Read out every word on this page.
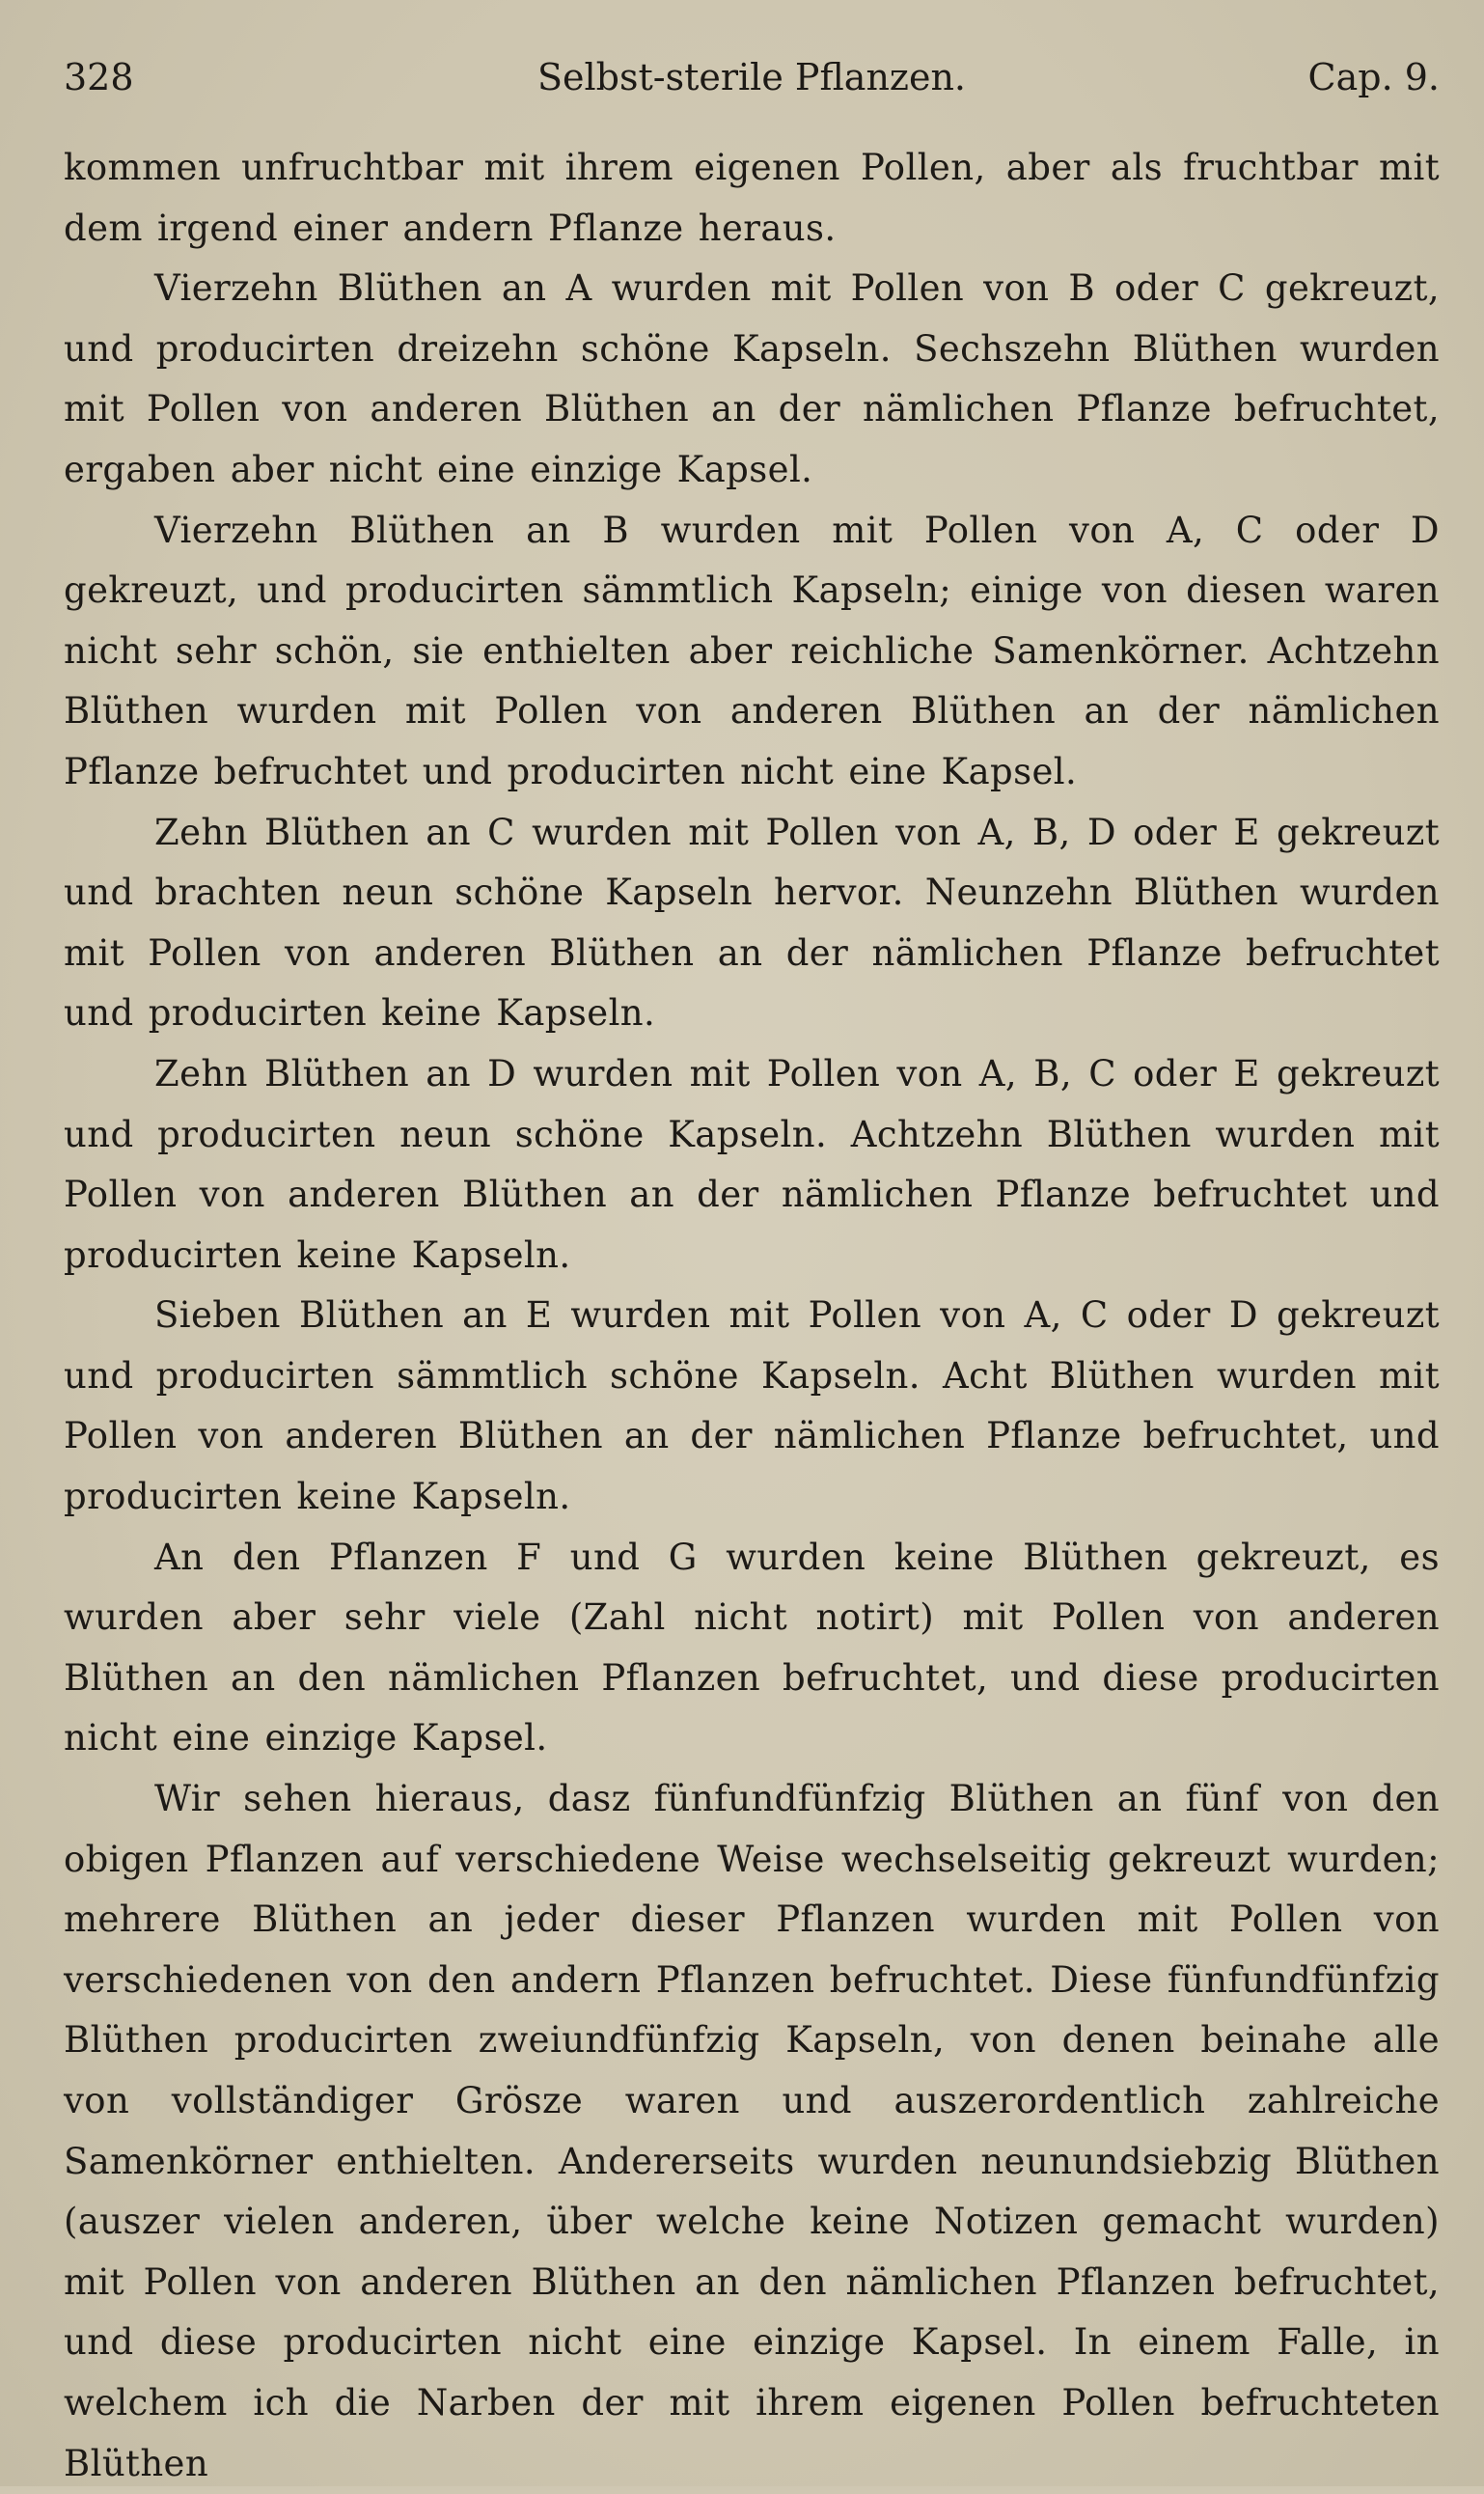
328	Selbst-sterile Pflanzen.	Cap. 9.

kommen unfruchtbar mit ihrem eigenen Pollen, aber als fruchtbar mit dem irgend einer andern Pflanze heraus.

Vierzehn Blüthen an A wurden mit Pollen von B oder C gekreuzt, und producirten dreizehn schöne Kapseln. Sechszehn Blüthen wurden mit Pollen von anderen Blüthen an der nämlichen Pflanze befruchtet, ergaben aber nicht eine einzige Kapsel.

Vierzehn Blüthen an B wurden mit Pollen von A, C oder D gekreuzt, und producirten sämmtlich Kapseln; einige von diesen waren nicht sehr schön, sie enthielten aber reichliche Samenkörner. Achtzehn Blüthen wurden mit Pollen von anderen Blüthen an der nämlichen Pflanze befruchtet und producirten nicht eine Kapsel.

Zehn Blüthen an C wurden mit Pollen von A, B, D oder E gekreuzt und brachten neun schöne Kapseln hervor. Neunzehn Blüthen wurden mit Pollen von anderen Blüthen an der nämlichen Pflanze befruchtet und producirten keine Kapseln.

Zehn Blüthen an D wurden mit Pollen von A, B, C oder E gekreuzt und producirten neun schöne Kapseln. Achtzehn Blüthen wurden mit Pollen von anderen Blüthen an der nämlichen Pflanze befruchtet und producirten keine Kapseln.

Sieben Blüthen an E wurden mit Pollen von A, C oder D gekreuzt und producirten sämmtlich schöne Kapseln. Acht Blüthen wurden mit Pollen von anderen Blüthen an der nämlichen Pflanze befruchtet, und producirten keine Kapseln.

An den Pflanzen F und G wurden keine Blüthen gekreuzt, es wurden aber sehr viele (Zahl nicht notirt) mit Pollen von anderen Blüthen an den nämlichen Pflanzen befruchtet, und diese producirten nicht eine einzige Kapsel.

Wir sehen hieraus, dasz fünfundfünfzig Blüthen an fünf von den obigen Pflanzen auf verschiedene Weise wechselseitig gekreuzt wurden; mehrere Blüthen an jeder dieser Pflanzen wurden mit Pollen von verschiedenen von den andern Pflanzen befruchtet. Diese fünfundfünfzig Blüthen producirten zweiundfünfzig Kapseln, von denen beinahe alle von vollständiger Grösze waren und auszerordentlich zahlreiche Samenkörner enthielten. Andererseits wurden neunundsiebzig Blüthen (auszer vielen anderen, über welche keine Notizen gemacht wurden) mit Pollen von anderen Blüthen an den nämlichen Pflanzen befruchtet, und diese producirten nicht eine einzige Kapsel. In einem Falle, in welchem ich die Narben der mit ihrem eigenen Pollen befruchteten Blüthen
